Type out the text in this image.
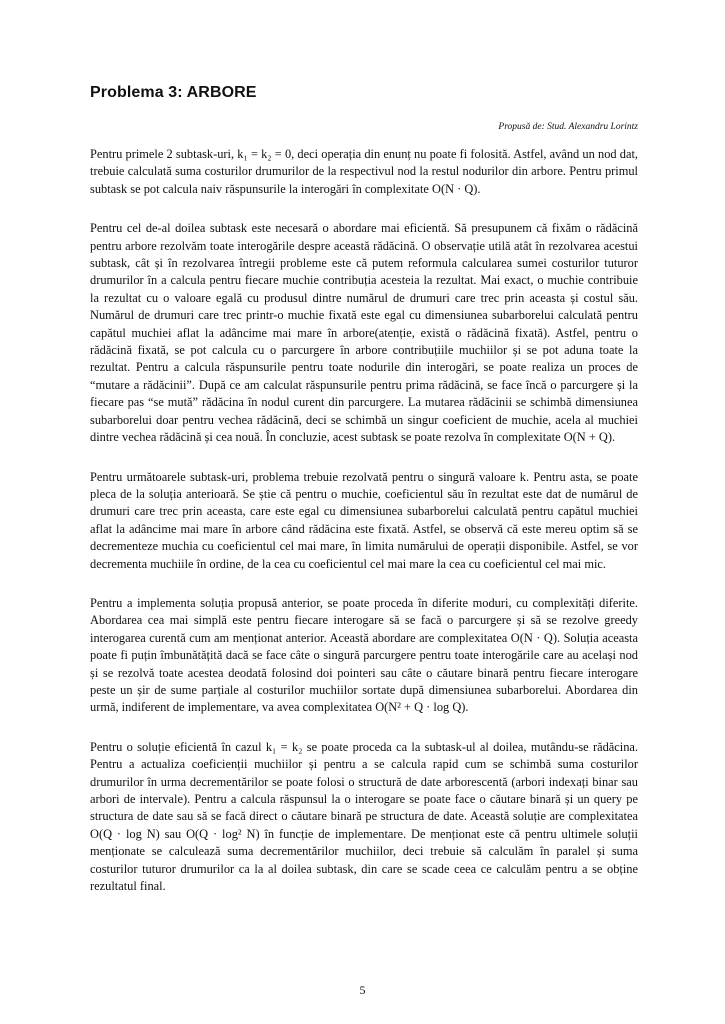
Problema 3: ARBORE
Propusă de: Stud. Alexandru Lorintz

Pentru primele 2 subtask-uri, k₁ = k₂ = 0, deci operația din enunț nu poate fi folosită. Astfel, având un nod dat, trebuie calculată suma costurilor drumurilor de la respectivul nod la restul nodurilor din arbore. Pentru primul subtask se pot calcula naiv răspunsurile la interogări în complexitate O(N · Q).

Pentru cel de-al doilea subtask este necesară o abordare mai eficientă. Să presupunem că fixăm o rădăcină pentru arbore rezolvăm toate interogările despre această rădăcină. O observație utilă atât în rezolvarea acestui subtask, cât și în rezolvarea întregii probleme este că putem reformula calcularea sumei costurilor tuturor drumurilor în a calcula pentru fiecare muchie contribuția acesteia la rezultat. Mai exact, o muchie contribuie la rezultat cu o valoare egală cu produsul dintre numărul de drumuri care trec prin aceasta și costul său. Numărul de drumuri care trec printr-o muchie fixată este egal cu dimensiunea subarborelui calculată pentru capătul muchiei aflat la adâncime mai mare în arbore(atenție, există o rădăcină fixată). Astfel, pentru o rădăcină fixată, se pot calcula cu o parcurgere în arbore contribuțiile muchiilor și se pot aduna toate la rezultat. Pentru a calcula răspunsurile pentru toate nodurile din interogări, se poate realiza un proces de “mutare a rădăcinii”. După ce am calculat răspunsurile pentru prima rădăcină, se face încă o parcurgere și la fiecare pas “se mută” rădăcina în nodul curent din parcurgere. La mutarea rădăcinii se schimbă dimensiunea subarborelui doar pentru vechea rădăcină, deci se schimbă un singur coeficient de muchie, acela al muchiei dintre vechea rădăcină și cea nouă. În concluzie, acest subtask se poate rezolva în complexitate O(N + Q).

Pentru următoarele subtask-uri, problema trebuie rezolvată pentru o singură valoare k. Pentru asta, se poate pleca de la soluția anterioară. Se știe că pentru o muchie, coeficientul său în rezultat este dat de numărul de drumuri care trec prin aceasta, care este egal cu dimensiunea subarborelui calculată pentru capătul muchiei aflat la adâncime mai mare în arbore când rădăcina este fixată. Astfel, se observă că este mereu optim să se decrementeze muchia cu coeficientul cel mai mare, în limita numărului de operații disponibile. Astfel, se vor decrementa muchiile în ordine, de la cea cu coeficientul cel mai mare la cea cu coeficientul cel mai mic.

Pentru a implementa soluția propusă anterior, se poate proceda în diferite moduri, cu complexități diferite. Abordarea cea mai simplă este pentru fiecare interogare să se facă o parcurgere și să se rezolve greedy interogarea curentă cum am menționat anterior. Această abordare are complexitatea O(N · Q). Soluția aceasta poate fi puțin îmbunătățită dacă se face câte o singură parcurgere pentru toate interogările care au același nod și se rezolvă toate acestea deodată folosind doi pointeri sau câte o căutare binară pentru fiecare interogare peste un șir de sume parțiale al costurilor muchiilor sortate după dimensiunea subarborelui. Abordarea din urmă, indiferent de implementare, va avea complexitatea O(N² + Q · log Q).

Pentru o soluție eficientă în cazul k₁ = k₂ se poate proceda ca la subtask-ul al doilea, mutându-se rădăcina. Pentru a actualiza coeficienții muchiilor și pentru a se calcula rapid cum se schimbă suma costurilor drumurilor în urma decrementărilor se poate folosi o structură de date arborescentă (arbori indexați binar sau arbori de intervale). Pentru a calcula răspunsul la o interogare se poate face o căutare binară și un query pe structura de date sau să se facă direct o căutare binară pe structura de date. Această soluție are complexitatea O(Q · log N) sau O(Q · log² N) în funcție de implementare. De menționat este că pentru ultimele soluții menționate se calculează suma decrementărilor muchiilor, deci trebuie să calculăm în paralel și suma costurilor tuturor drumurilor ca la al doilea subtask, din care se scade ceea ce calculăm pentru a se obține rezultatul final.

5
